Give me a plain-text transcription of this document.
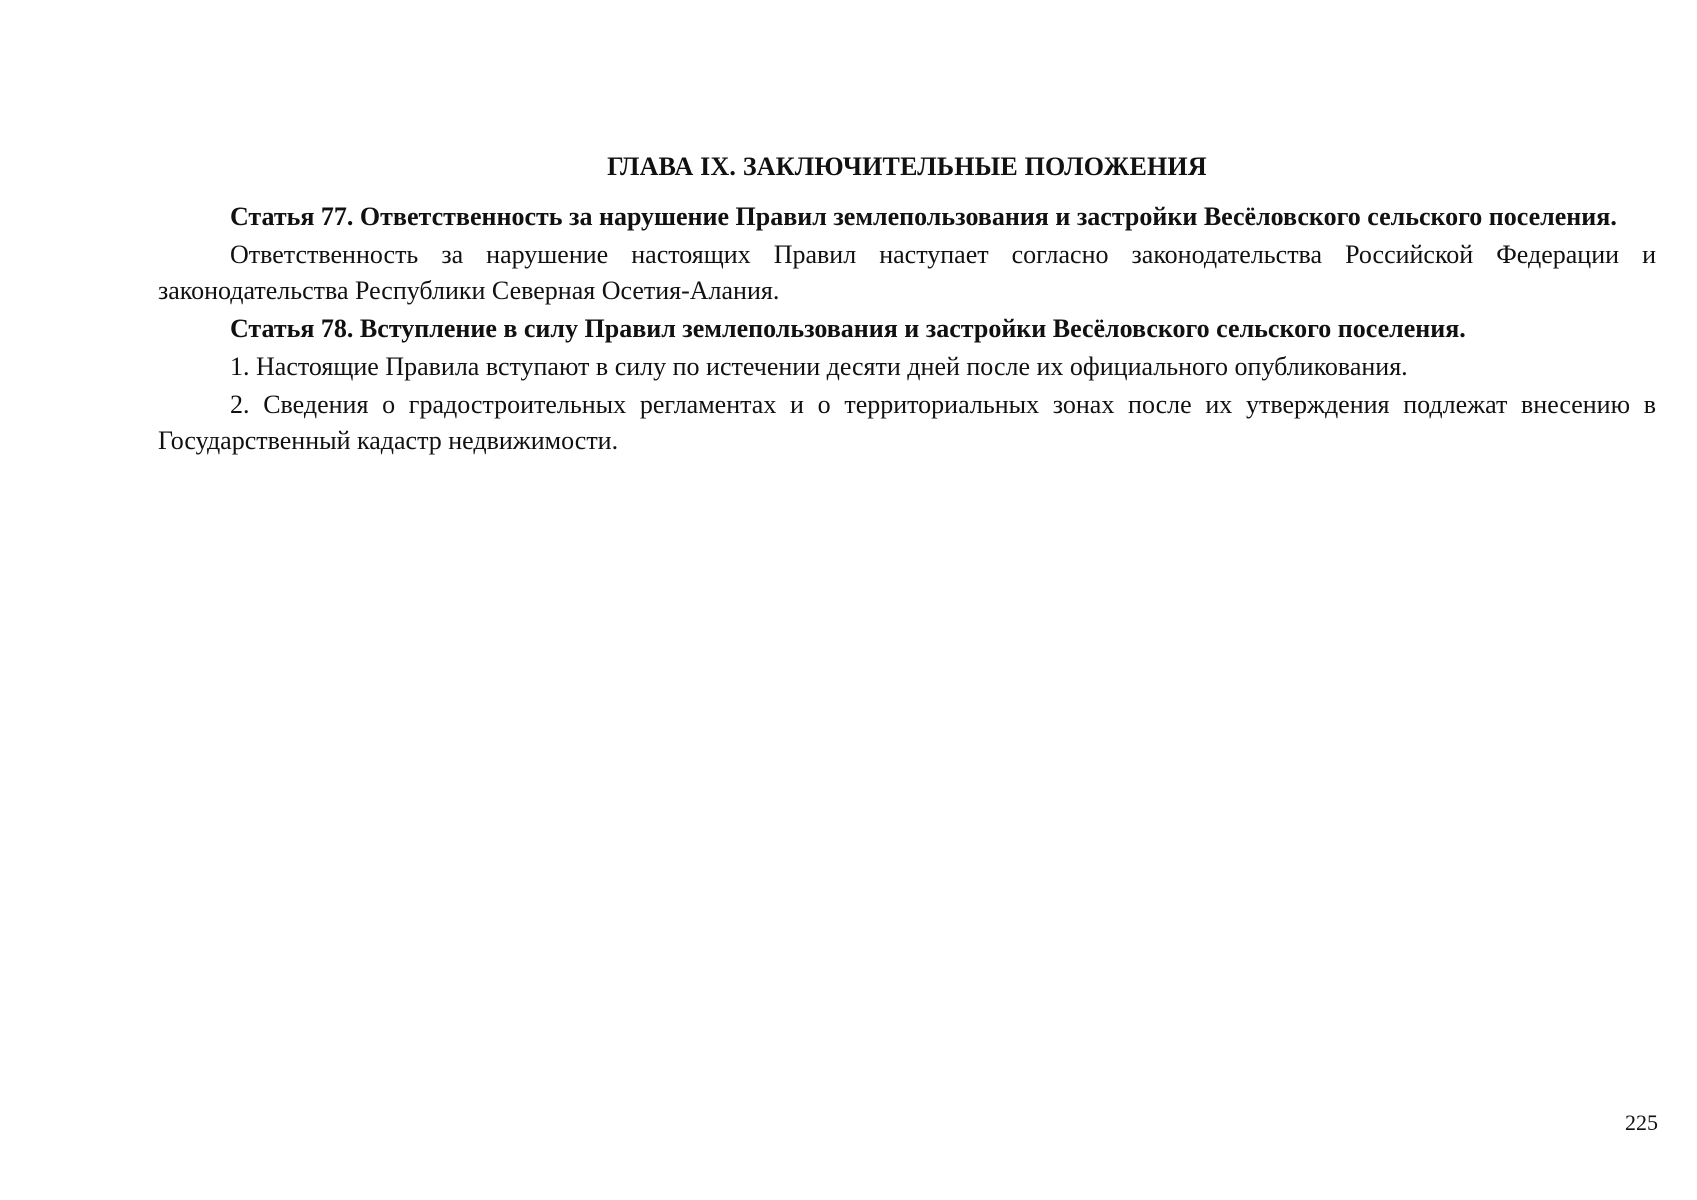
ГЛАВА IX. ЗАКЛЮЧИТЕЛЬНЫЕ ПОЛОЖЕНИЯ

Статья 77. Ответственность за нарушение Правил землепользования и застройки Весёловского сельского поселения.

Ответственность за нарушение настоящих Правил наступает согласно законодательства Российской Федерации и законодательства Республики Северная Осетия-Алания.

Статья 78. Вступление в силу Правил землепользования и застройки Весёловского сельского поселения.

1. Настоящие Правила вступают в силу по истечении десяти дней после их официального опубликования.

2. Сведения о градостроительных регламентах и о территориальных зонах после их утверждения подлежат внесению в Государственный кадастр недвижимости.

225
